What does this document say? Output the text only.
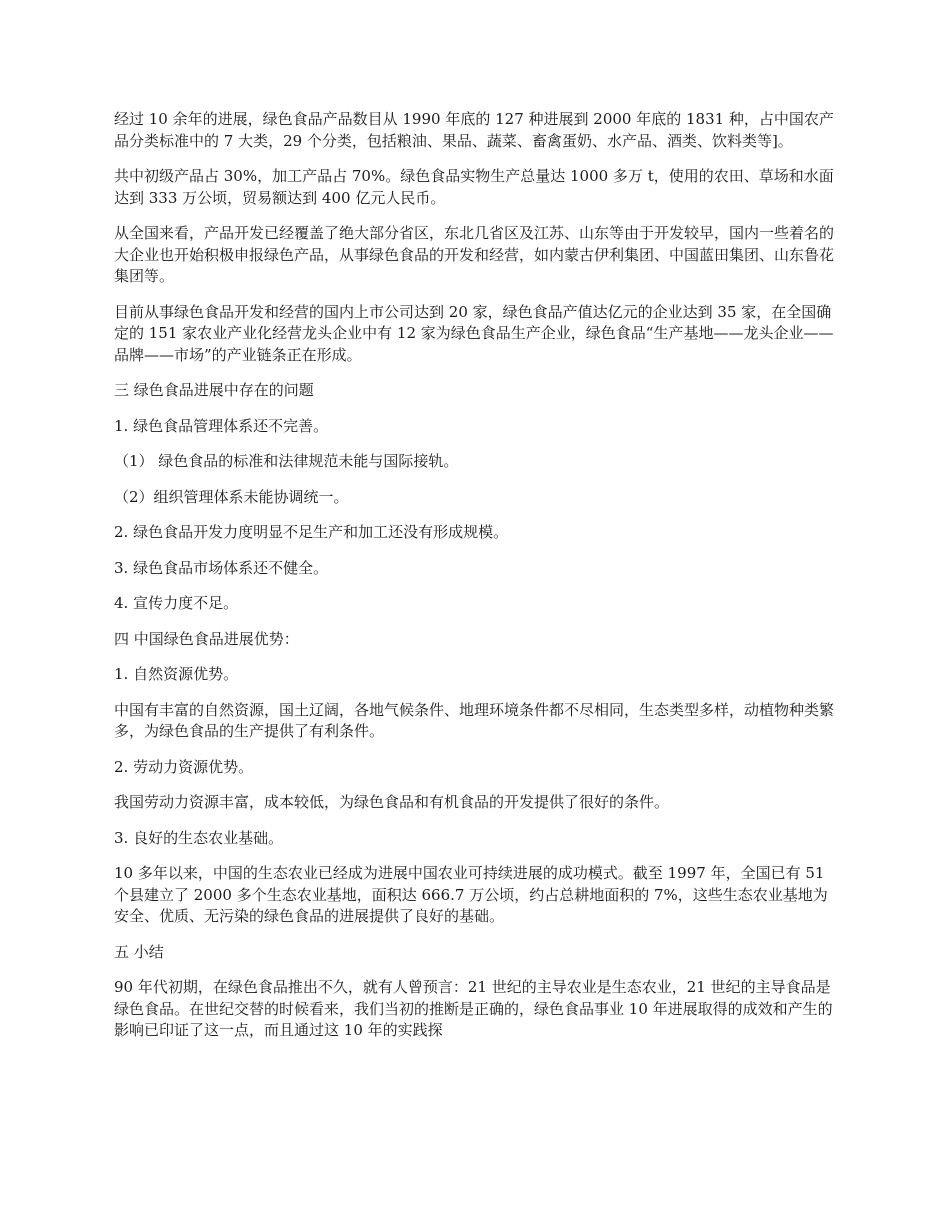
经过 10 余年的进展，绿色食品产品数目从 1990 年底的 127 种进展到 2000 年底的 1831 种，占中国农产品分类标准中的 7 大类，29 个分类，包括粮油、果品、蔬菜、畜禽蛋奶、水产品、酒类、饮料类等]。

共中初级产品占 30%，加工产品占 70%。绿色食品实物生产总量达 1000 多万 t，使用的农田、草场和水面达到 333 万公顷，贸易额达到 400 亿元人民币。

从全国来看，产品开发已经覆盖了绝大部分省区，东北几省区及江苏、山东等由于开发较早，国内一些着名的大企业也开始积极申报绿色产品，从事绿色食品的开发和经营，如内蒙古伊利集团、中国蓝田集团、山东鲁花集团等。

目前从事绿色食品开发和经营的国内上市公司达到 20 家，绿色食品产值达亿元的企业达到 35 家，在全国确定的 151 家农业产业化经营龙头企业中有 12 家为绿色食品生产企业，绿色食品“生产基地——龙头企业——品牌——市场”的产业链条正在形成。

三 绿色食品进展中存在的问题

1. 绿色食品管理体系还不完善。

（1） 绿色食品的标准和法律规范未能与国际接轨。

（2）组织管理体系未能协调统一。

2. 绿色食品开发力度明显不足生产和加工还没有形成规模。

3. 绿色食品市场体系还不健全。

4. 宣传力度不足。

四 中国绿色食品进展优势：

1. 自然资源优势。

中国有丰富的自然资源，国土辽阔，各地气候条件、地理环境条件都不尽相同，生态类型多样，动植物种类繁多，为绿色食品的生产提供了有利条件。

2. 劳动力资源优势。

我国劳动力资源丰富，成本较低，为绿色食品和有机食品的开发提供了很好的条件。

3. 良好的生态农业基础。

10 多年以来，中国的生态农业已经成为进展中国农业可持续进展的成功模式。截至 1997 年，全国已有 51 个县建立了 2000 多个生态农业基地，面积达 666.7 万公顷，约占总耕地面积的 7%，这些生态农业基地为安全、优质、无污染的绿色食品的进展提供了良好的基础。

五 小结

90 年代初期，在绿色食品推出不久，就有人曾预言：21 世纪的主导农业是生态农业，21 世纪的主导食品是绿色食品。在世纪交替的时候看来，我们当初的推断是正确的，绿色食品事业 10 年进展取得的成效和产生的影响已印证了这一点，而且通过这 10 年的实践探
